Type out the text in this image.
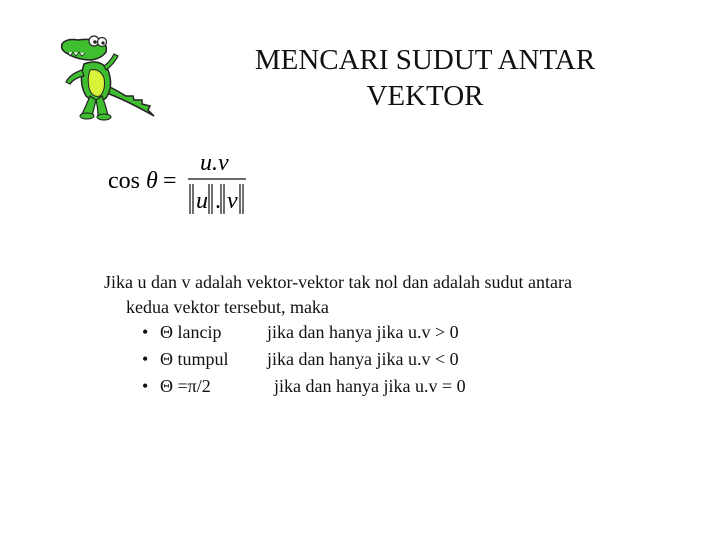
MENCARI SUDUT ANTAR
VEKTOR
cos θ =
u.v
u . v

Jika u dan v adalah vektor-vektor tak nol dan adalah sudut antara
kedua vektor tersebut, maka

• Θ lancip	jika dan hanya jika u.v > 0
• Θ tumpul jika dan hanya jika u.v < 0
• Θ =π/2	jika dan hanya jika u.v = 0
